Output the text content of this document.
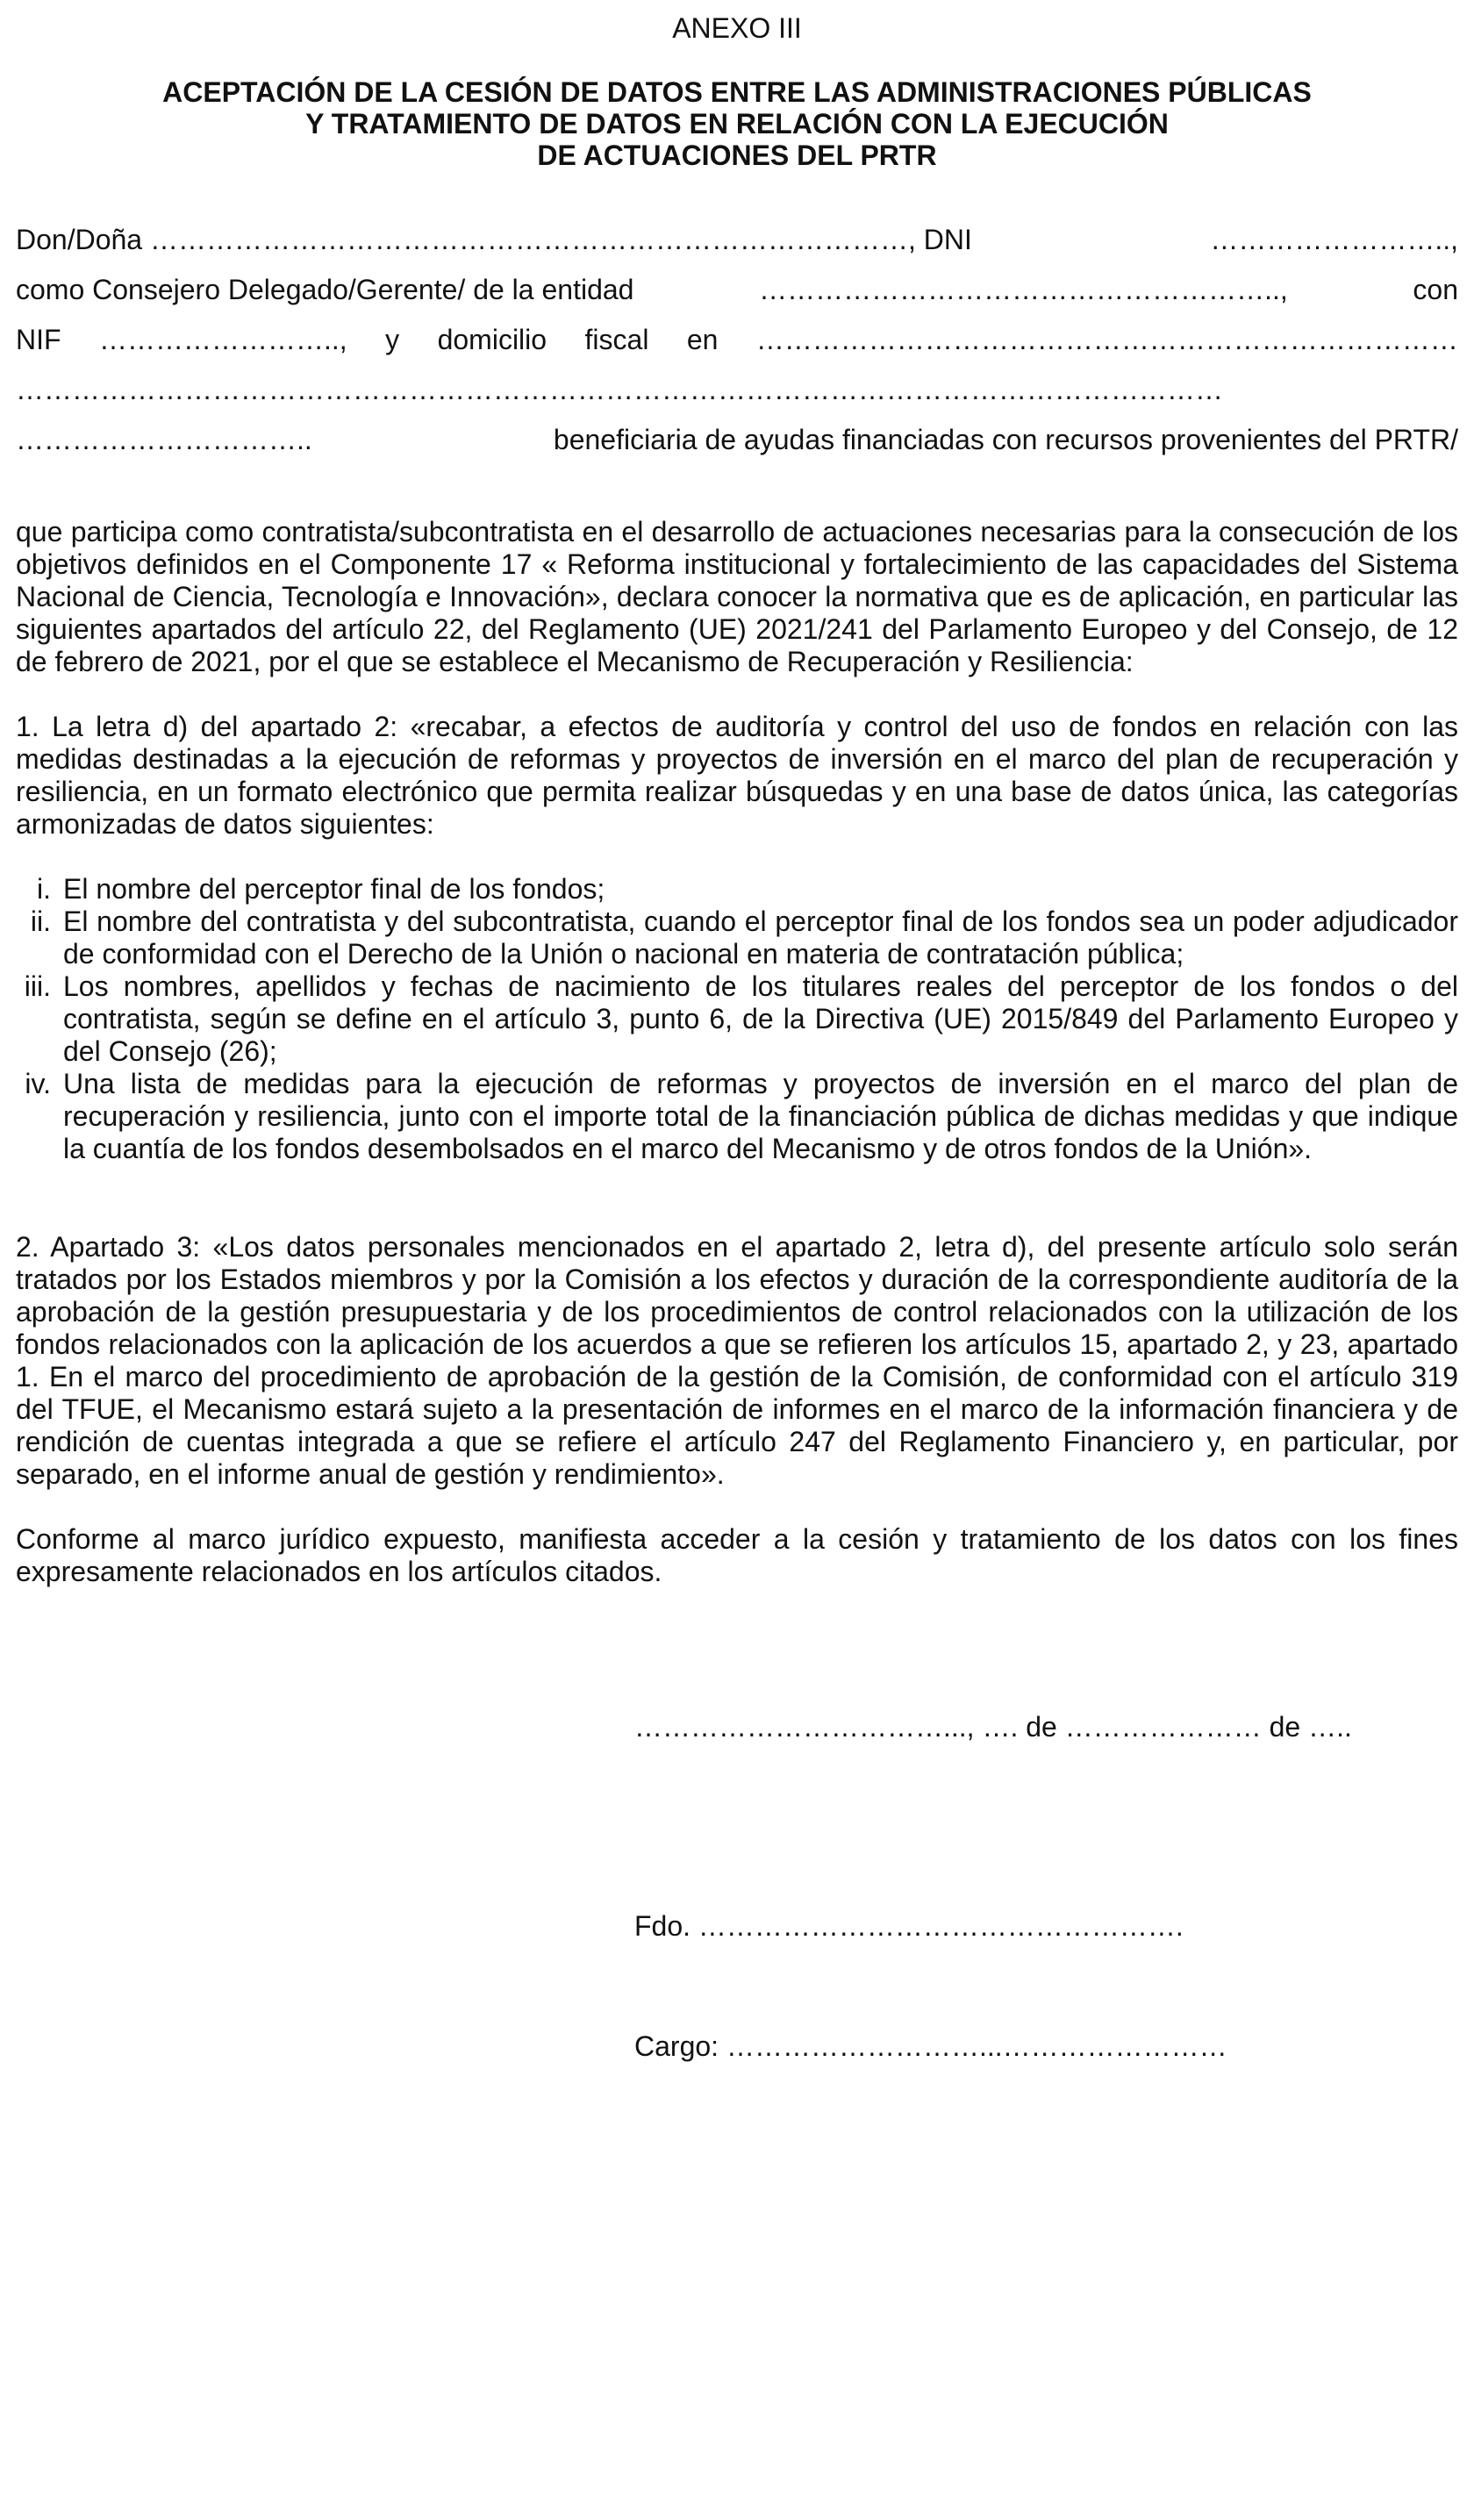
ANEXO III
ACEPTACIÓN DE LA CESIÓN DE DATOS ENTRE LAS ADMINISTRACIONES PÚBLICAS
Y TRATAMIENTO DE DATOS EN RELACIÓN CON LA EJECUCIÓN
DE ACTUACIONES DEL PRTR
Don/Doña ………………………………………………………………………, DNI	……………………..,
como Consejero Delegado/Gerente/ de la entidad	………………………………………………..,	con
NIF …………………….., y domicilio fiscal en …………………………………………………………………
…………………………………………………………………………………………………………………
…………………………..	beneficiaria de ayudas financiadas con recursos provenientes del PRTR/

que participa como contratista/subcontratista en el desarrollo de actuaciones necesarias para la consecución de los objetivos definidos en el Componente 17 « Reforma institucional y fortalecimiento de las capacidades del Sistema Nacional de Ciencia, Tecnología e Innovación», declara conocer la normativa que es de aplicación, en particular las siguientes apartados del artículo 22, del Reglamento (UE) 2021/241 del Parlamento Europeo y del Consejo, de 12 de febrero de 2021, por el que se establece el Mecanismo de Recuperación y Resiliencia:

1. La letra d) del apartado 2: «recabar, a efectos de auditoría y control del uso de fondos en relación con las medidas destinadas a la ejecución de reformas y proyectos de inversión en el marco del plan de recuperación y resiliencia, en un formato electrónico que permita realizar búsquedas y en una base de datos única, las categorías armonizadas de datos siguientes:

i. El nombre del perceptor final de los fondos;
ii. El nombre del contratista y del subcontratista, cuando el perceptor final de los fondos sea un poder adjudicador de conformidad con el Derecho de la Unión o nacional en materia de contratación pública;
iii. Los nombres, apellidos y fechas de nacimiento de los titulares reales del perceptor de los fondos o del contratista, según se define en el artículo 3, punto 6, de la Directiva (UE) 2015/849 del Parlamento Europeo y del Consejo (26);
iv. Una lista de medidas para la ejecución de reformas y proyectos de inversión en el marco del plan de recuperación y resiliencia, junto con el importe total de la financiación pública de dichas medidas y que indique la cuantía de los fondos desembolsados en el marco del Mecanismo y de otros fondos de la Unión».

2. Apartado 3: «Los datos personales mencionados en el apartado 2, letra d), del presente artículo solo serán tratados por los Estados miembros y por la Comisión a los efectos y duración de la correspondiente auditoría de la aprobación de la gestión presupuestaria y de los procedimientos de control relacionados con la utilización de los fondos relacionados con la aplicación de los acuerdos a que se refieren los artículos 15, apartado 2, y 23, apartado 1. En el marco del procedimiento de aprobación de la gestión de la Comisión, de conformidad con el artículo 319 del TFUE, el Mecanismo estará sujeto a la presentación de informes en el marco de la información financiera y de rendición de cuentas integrada a que se refiere el artículo 247 del Reglamento Financiero y, en particular, por separado, en el informe anual de gestión y rendimiento».

Conforme al marco jurídico expuesto, manifiesta acceder a la cesión y tratamiento de los datos con los fines expresamente relacionados en los artículos citados.

……………………………..., …. de ………………… de …..
Fdo. …………………………………………….
Cargo: ………………………...……………………
